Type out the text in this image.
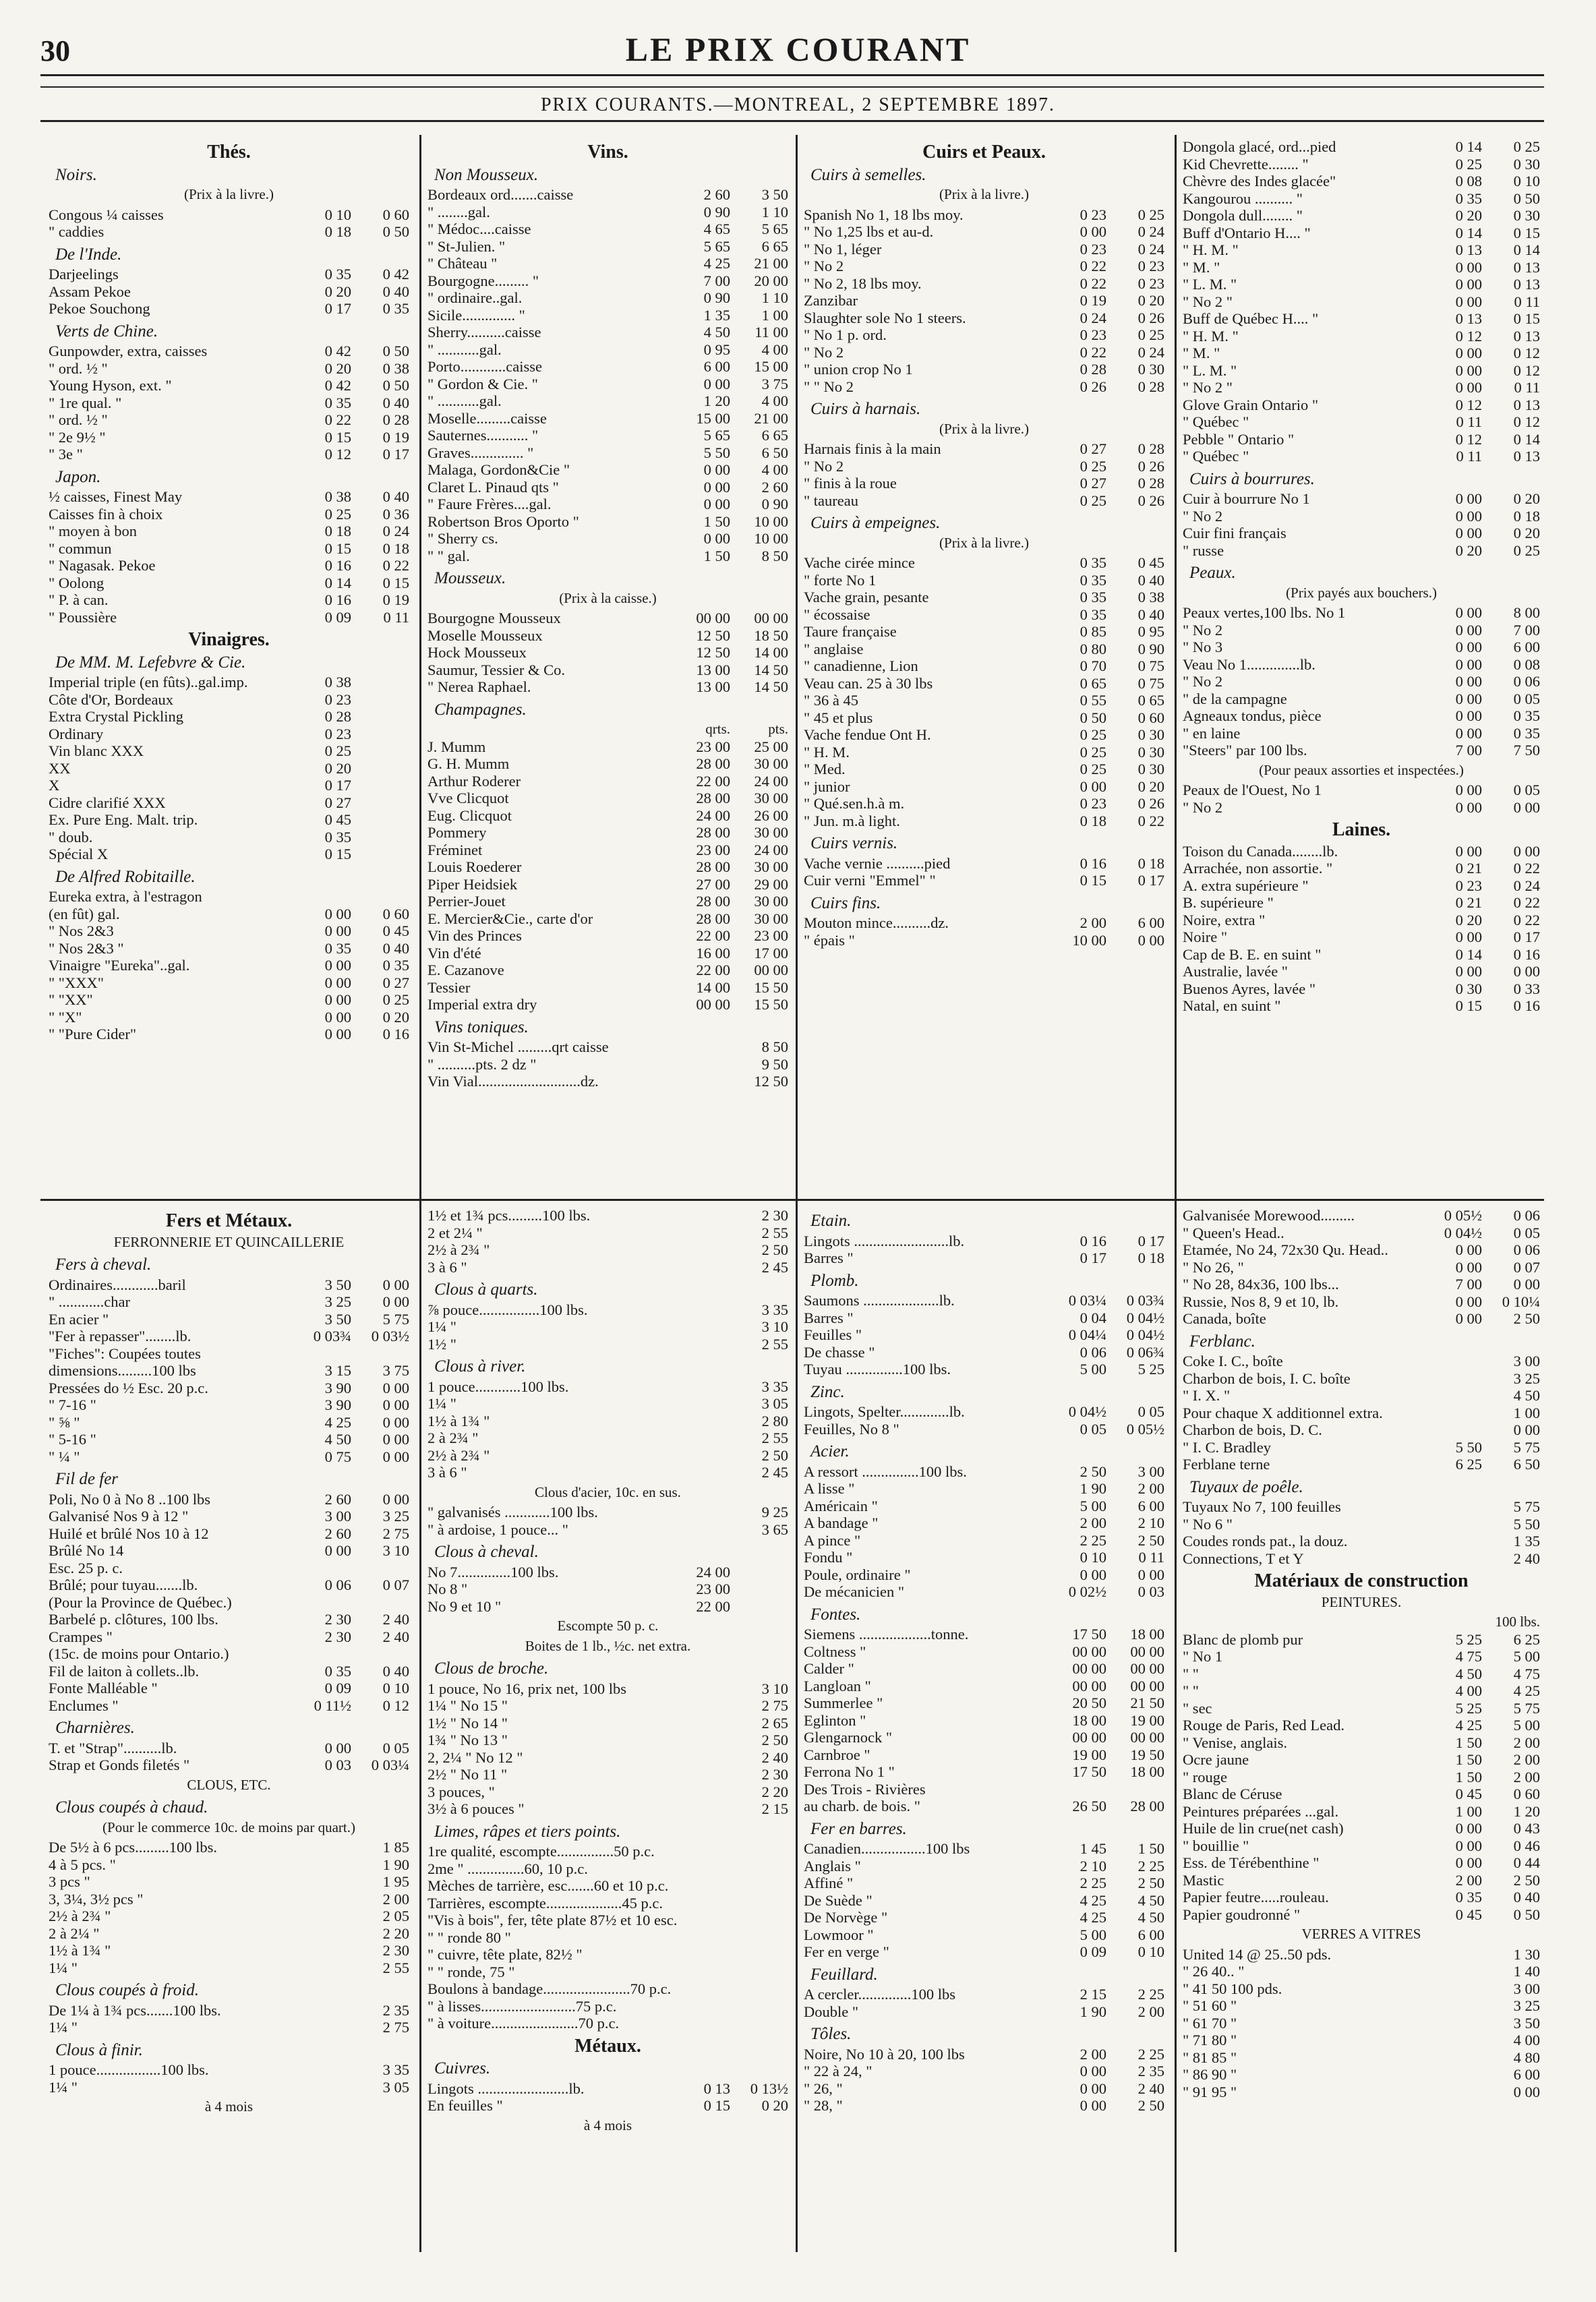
30	LE PRIX COURANT
PRIX COURANTS.—MONTREAL, 2 SEPTEMBRE 1897.
Thés.
Noirs.
(Prix à la livre.)
Congous ¼ caisses	0 10	0 60
" caddies	0 18	0 50
De l'Inde.
Darjeelings	0 35	0 42
Assam Pekoe	0 20	0 40
Pekoe Souchong	0 17	0 35
Verts de Chine.
Gunpowder, extra, caisses	0 42	0 50
" ord. ½ "	0 20	0 38
Young Hyson, ext. "	0 42	0 50
" 1re qual. "	0 35	0 40
" ord. ½ "	0 22	0 28
" 2e 9½ "	0 15	0 19
" 3e "	0 12	0 17
Japon.
½ caisses, Finest May	0 38	0 40
Caisses fin à choix	0 25	0 36
" moyen à bon	0 18	0 24
" commun	0 15	0 18
" Nagasak. Pekoe	0 16	0 22
" Oolong	0 14	0 15
" P. à can.	0 16	0 19
" Poussière	0 09	0 11
Vinaigres.
De MM. M. Lefebvre & Cie.
Imperial triple (en fûts)..gal.imp.	0 38
Côte d'Or, Bordeaux	0 23
Extra Crystal Pickling	0 28
Ordinary	0 23
Vin blanc XXX	0 25
XX	0 20
X	0 17
Cidre clarifié XXX	0 27
Ex. Pure Eng. Malt. trip.	0 45
" doub.	0 35
Spécial X	0 15
De Alfred Robitaille.
Eureka extra, à l'estragon
(en fût) gal.	0 00	0 60
" Nos 2&3	0 00	0 45
" Nos 2&3 "	0 35	0 40
Vinaigre "Eureka"..gal.	0 00	0 35
" "XXX"	0 00	0 27
" "XX"	0 00	0 25
" "X"	0 00	0 20
" "Pure Cider"	0 00	0 16
Vins.
Non Mousseux.
Bordeaux ord.......caisse	2 60	3 50
" ........gal.	0 90	1 10
" Médoc....caisse	4 65	5 65
" St-Julien. "	5 65	6 65
" Château "	4 25	21 00
Bourgogne......... "	7 00	20 00
" ordinaire..gal.	0 90	1 10
Sicile.............. "	1 35	1 00
Sherry..........caisse	4 50	11 00
" ...........gal.	0 95	4 00
Porto............caisse	6 00	15 00
" Gordon & Cie. "	0 00	3 75
" ...........gal.	1 20	4 00
Moselle.........caisse	15 00	21 00
Sauternes........... "	5 65	6 65
Graves.............. "	5 50	6 50
Malaga, Gordon&Cie "	0 00	4 00
Claret L. Pinaud qts "	0 00	2 60
" Faure Frères....gal.	0 00	0 90
Robertson Bros Oporto "	1 50	10 00
" Sherry cs.	0 00	10 00
" " gal.	1 50	8 50
Mousseux.
(Prix à la caisse.)
Bourgogne Mousseux	00 00	00 00
Moselle Mousseux	12 50	18 50
Hock Mousseux	12 50	14 00
Saumur, Tessier & Co.	13 00	14 50
" Nerea Raphael.	13 00	14 50
Champagnes.
qrts.	pts.
J. Mumm	23 00	25 00
G. H. Mumm	28 00	30 00
Arthur Roderer	22 00	24 00
Vve Clicquot	28 00	30 00
Eug. Clicquot	24 00	26 00
Pommery	28 00	30 00
Fréminet	23 00	24 00
Louis Roederer	28 00	30 00
Piper Heidsiek	27 00	29 00
Perrier-Jouet	28 00	30 00
E. Mercier&Cie., carte d'or	28 00	30 00
Vin des Princes	22 00	23 00
Vin d'été	16 00	17 00
E. Cazanove	22 00	00 00
Tessier	14 00	15 50
Imperial extra dry	00 00	15 50
Vins toniques.
Vin St-Michel .........qrt caisse	8 50
" ..........pts. 2 dz "	9 50
Vin Vial...........................dz.	12 50
Cuirs et Peaux.
Cuirs à semelles.
(Prix à la livre.)
Spanish No 1, 18 lbs moy.	0 23	0 25
" No 1,25 lbs et au-d.	0 00	0 24
" No 1, léger	0 23	0 24
" No 2	0 22	0 23
" No 2, 18 lbs moy.	0 22	0 23
Zanzibar	0 19	0 20
Slaughter sole No 1 steers.	0 24	0 26
" No 1 p. ord.	0 23	0 25
" No 2	0 22	0 24
" union crop No 1	0 28	0 30
" " No 2	0 26	0 28
Cuirs à harnais.
(Prix à la livre.)
Harnais finis à la main	0 27	0 28
" No 2	0 25	0 26
" finis à la roue	0 27	0 28
" taureau	0 25	0 26
Cuirs à empeignes.
(Prix à la livre.)
Vache cirée mince	0 35	0 45
" forte No 1	0 35	0 40
Vache grain, pesante	0 35	0 38
" écossaise	0 35	0 40
Taure française	0 85	0 95
" anglaise	0 80	0 90
" canadienne, Lion	0 70	0 75
Veau can. 25 à 30 lbs	0 65	0 75
" 36 à 45	0 55	0 65
" 45 et plus	0 50	0 60
Vache fendue Ont H.	0 25	0 30
" H. M.	0 25	0 30
" Med.	0 25	0 30
" junior	0 00	0 20
" Qué.sen.h.à m.	0 23	0 26
" Jun. m.à light.	0 18	0 22
Cuirs vernis.
Vache vernie ..........pied	0 16	0 18
Cuir verni "Emmel" "	0 15	0 17
Cuirs fins.
Mouton mince..........dz.	2 00	6 00
" épais "	10 00	0 00
Dongola glacé, ord...pied	0 14	0 25
Kid Chevrette........ "	0 25	0 30
Chèvre des Indes glacée"	0 08	0 10
Kangourou .......... "	0 35	0 50
Dongola dull........ "	0 20	0 30
Buff d'Ontario H.... "	0 14	0 15
" H. M. "	0 13	0 14
" M. "	0 00	0 13
" L. M. "	0 00	0 13
" No 2 "	0 00	0 11
Buff de Québec H.... "	0 13	0 15
" H. M. "	0 12	0 13
" M. "	0 00	0 12
" L. M. "	0 00	0 12
" No 2 "	0 00	0 11
Glove Grain Ontario "	0 12	0 13
" Québec "	0 11	0 12
Pebble " Ontario "	0 12	0 14
" Québec "	0 11	0 13
Cuirs à bourrures.
Cuir à bourrure No 1	0 00	0 20
" No 2	0 00	0 18
Cuir fini français	0 00	0 20
" russe	0 20	0 25
Peaux.
(Prix payés aux bouchers.)
Peaux vertes,100 lbs. No 1	0 00	8 00
" No 2	0 00	7 00
" No 3	0 00	6 00
Veau No 1..............lb.	0 00	0 08
" No 2	0 00	0 06
" de la campagne	0 00	0 05
Agneaux tondus, pièce	0 00	0 35
" en laine	0 00	0 35
"Steers" par 100 lbs.	7 00	7 50
(Pour peaux assorties et inspectées.)
Peaux de l'Ouest, No 1	0 00	0 05
" No 2	0 00	0 00
Laines.
Toison du Canada........lb.	0 00	0 00
Arrachée, non assortie. "	0 21	0 22
A. extra supérieure "	0 23	0 24
B. supérieure "	0 21	0 22
Noire, extra "	0 20	0 22
Noire "	0 00	0 17
Cap de B. E. en suint "	0 14	0 16
Australie, lavée "	0 00	0 00
Buenos Ayres, lavée "	0 30	0 33
Natal, en suint "	0 15	0 16
Fers et Métaux.
FERRONNERIE ET QUINCAILLERIE
Fers à cheval.
Ordinaires............baril	3 50	0 00
" ............char	3 25	0 00
En acier "	3 50	5 75
"Fer à repasser"........lb.	0 03¾	0 03½
"Fiches": Coupées toutes
dimensions.........100 lbs	3 15	3 75
Pressées do ½ Esc. 20 p.c.	3 90	0 00
" 7-16 "	3 90	0 00
" ⅝ "	4 25	0 00
" 5-16 "	4 50	0 00
" ¼ "	0 75	0 00
Fil de fer
Poli, No 0 à No 8 ..100 lbs	2 60	0 00
Galvanisé Nos 9 à 12 "	3 00	3 25
Huilé et brûlé Nos 10 à 12	2 60	2 75
Brûlé No 14	0 00	3 10
Esc. 25 p. c.
Brûlé; pour tuyau.......lb.	0 06	0 07
(Pour la Province de Québec.)
Barbelé p. clôtures, 100 lbs.	2 30	2 40
Crampes "	2 30	2 40
(15c. de moins pour Ontario.)
Fil de laiton à collets..lb.	0 35	0 40
Fonte Malléable "	0 09	0 10
Enclumes "	0 11½	0 12
Charnières.
T. et "Strap"..........lb.	0 00	0 05
Strap et Gonds filetés "	0 03	0 03¼
CLOUS, ETC.
Clous coupés à chaud.
(Pour le commerce 10c. de moins par quart.)
De 5½ à 6 pcs.........100 lbs.	1 85
4 à 5 pcs. "	1 90
3 pcs "	1 95
3, 3¼, 3½ pcs "	2 00
2½ à 2¾ "	2 05
2 à 2¼ "	2 20
1½ à 1¾ "	2 30
1¼ "	2 55
Clous coupés à froid.
De 1¼ à 1¾ pcs.......100 lbs.	2 35
1¼ "	2 75
Clous à finir.
1 pouce.................100 lbs.	3 35
1¼ "	3 05
à 4 mois
1½ et 1¾ pcs.........100 lbs.	2 30
2 et 2¼ "	2 55
2½ à 2¾ "	2 50
3 à 6 "	2 45
Clous à quarts.
⅞ pouce................100 lbs.	3 35
1¼ "	3 10
1½ "	2 55
Clous à river.
1 pouce............100 lbs.	3 35
1¼ "	3 05
1½ à 1¾ "	2 80
2 à 2¾ "	2 55
2½ à 2¾ "	2 50
3 à 6 "	2 45
Clous d'acier, 10c. en sus.
" galvanisés ............100 lbs.	9 25
" à ardoise, 1 pouce... "	3 65
Clous à cheval.
No 7..............100 lbs.	24 00
No 8 "	23 00
No 9 et 10 "	22 00
Escompte 50 p. c.
Boites de 1 lb., ½c. net extra.
Clous de broche.
1 pouce, No 16, prix net, 100 lbs	3 10
1¼ " No 15 "	2 75
1½ " No 14 "	2 65
1¾ " No 13 "	2 50
2, 2¼ " No 12 "	2 40
2½ " No 11 "	2 30
3 pouces, "	2 20
3½ à 6 pouces "	2 15
Limes, râpes et tiers points.
1re qualité, escompte...............50 p.c.
2me " ...............60, 10 p.c.
Mèches de tarrière, esc.......60 et 10 p.c.
Tarrières, escompte....................45 p.c.
"Vis à bois", fer, tête plate 87½ et 10 esc.
" " ronde 80 "
" cuivre, tête plate, 82½ "
" " ronde, 75 "
Boulons à bandage.......................70 p.c.
" à lisses.........................75 p.c.
" à voiture.......................70 p.c.
Métaux.
Cuivres.
Lingots ........................lb.	0 13	0 13½
En feuilles "	0 15	0 20
à 4 mois
Etain.
Lingots .........................lb.	0 16	0 17
Barres "	0 17	0 18
Plomb.
Saumons ....................lb.	0 03¼	0 03¾
Barres "	0 04	0 04½
Feuilles "	0 04¼	0 04½
De chasse "	0 06	0 06¾
Tuyau ...............100 lbs.	5 00	5 25
Zinc.
Lingots, Spelter.............lb.	0 04½	0 05
Feuilles, No 8 "	0 05	0 05½
Acier.
A ressort ...............100 lbs.	2 50	3 00
A lisse "	1 90	2 00
Américain "	5 00	6 00
A bandage "	2 00	2 10
A pince "	2 25	2 50
Fondu "	0 10	0 11
Poule, ordinaire "	0 00	0 00
De mécanicien "	0 02½	0 03
Fontes.
Siemens ...................tonne.	17 50	18 00
Coltness "	00 00	00 00
Calder "	00 00	00 00
Langloan "	00 00	00 00
Summerlee "	20 50	21 50
Eglinton "	18 00	19 00
Glengarnock "	00 00	00 00
Carnbroe "	19 00	19 50
Ferrona No 1 "	17 50	18 00
Des Trois - Rivières
au charb. de bois. "	26 50	28 00
Fer en barres.
Canadien.................100 lbs	1 45	1 50
Anglais "	2 10	2 25
Affiné "	2 25	2 50
De Suède "	4 25	4 50
De Norvège "	4 25	4 50
Lowmoor "	5 00	6 00
Fer en verge "	0 09	0 10
Feuillard.
A cercler..............100 lbs	2 15	2 25
Double "	1 90	2 00
Tôles.
Noire, No 10 à 20, 100 lbs	2 00	2 25
" 22 à 24, "	0 00	2 35
" 26, "	0 00	2 40
" 28, "	0 00	2 50
Galvanisée Morewood.........	0 05½	0 06
" Queen's Head..	0 04½	0 05
Etamée, No 24, 72x30 Qu. Head..	0 00	0 06
" No 26, "	0 00	0 07
" No 28, 84x36, 100 lbs...	7 00	0 00
Russie, Nos 8, 9 et 10, lb.	0 00	0 10¼
Canada, boîte	0 00	2 50
Ferblanc.
Coke I. C., boîte	3 00
Charbon de bois, I. C. boîte	3 25
" I. X. "	4 50
Pour chaque X additionnel extra.	1 00
Charbon de bois, D. C.	0 00
" I. C. Bradley	5 50	5 75
Ferblane terne	6 25	6 50
Tuyaux de poêle.
Tuyaux No 7, 100 feuilles	5 75
" No 6 "	5 50
Coudes ronds pat., la douz.	1 35
Connections, T et Y	2 40
Matériaux de construction
PEINTURES.
100 lbs.
Blanc de plomb pur	5 25	6 25
" No 1	4 75	5 00
" "	4 50	4 75
" "	4 00	4 25
" sec	5 25	5 75
Rouge de Paris, Red Lead.	4 25	5 00
" Venise, anglais.	1 50	2 00
Ocre jaune	1 50	2 00
" rouge	1 50	2 00
Blanc de Céruse	0 45	0 60
Peintures préparées ...gal.	1 00	1 20
Huile de lin crue(net cash)	0 00	0 43
" bouillie "	0 00	0 46
Ess. de Térébenthine "	0 00	0 44
Mastic	2 00	2 50
Papier feutre.....rouleau.	0 35	0 40
Papier goudronné "	0 45	0 50
VERRES A VITRES
United 14 @ 25..50 pds.	1 30
" 26 40.. "	1 40
" 41 50 100 pds.	3 00
" 51 60 "	3 25
" 61 70 "	3 50
" 71 80 "	4 00
" 81 85 "	4 80
" 86 90 "	6 00
" 91 95 "	0 00
